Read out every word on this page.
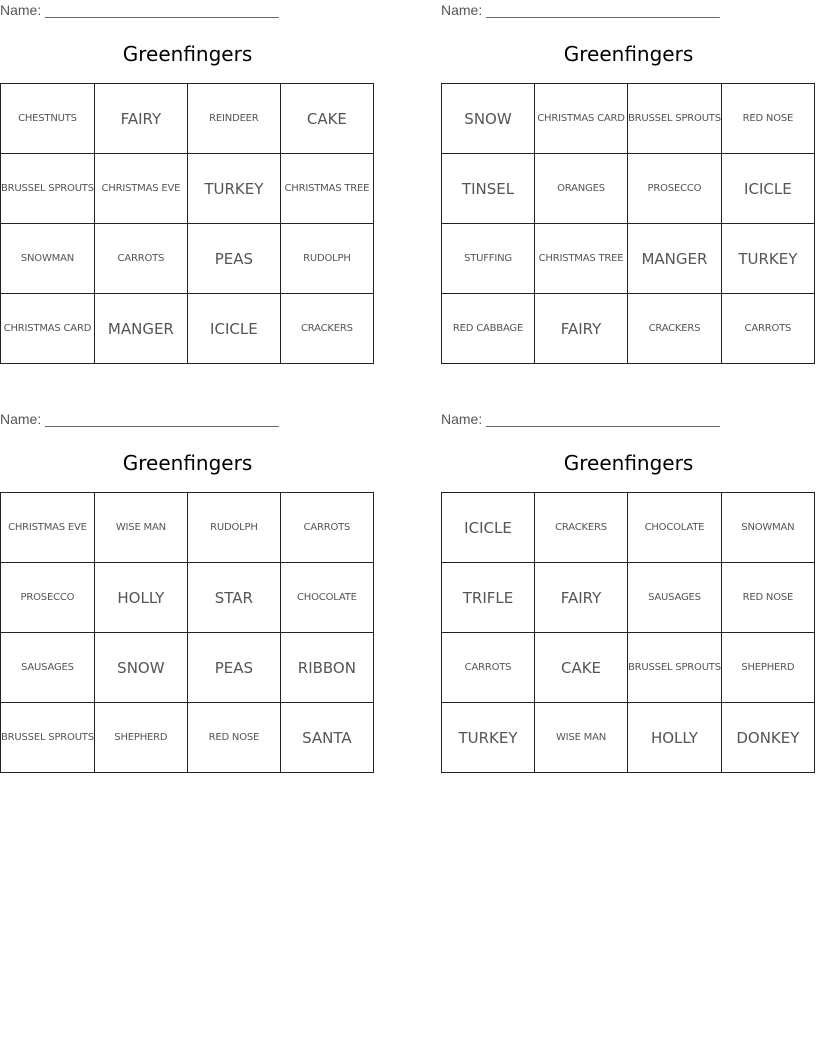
Name: ______________________________
Greenfingers
CHESTNUTS	FAIRY	REINDEER	CAKE
BRUSSEL SPROUTS	CHRISTMAS EVE	TURKEY	CHRISTMAS TREE
SNOWMAN	CARROTS	PEAS	RUDOLPH
CHRISTMAS CARD	MANGER	ICICLE	CRACKERS
Name: ______________________________
Greenfingers
SNOW	CHRISTMAS CARD	BRUSSEL SPROUTS	RED NOSE
TINSEL	ORANGES	PROSECCO	ICICLE
STUFFING	CHRISTMAS TREE	MANGER	TURKEY
RED CABBAGE	FAIRY	CRACKERS	CARROTS
Name: ______________________________
Greenfingers
CHRISTMAS EVE	WISE MAN	RUDOLPH	CARROTS
PROSECCO	HOLLY	STAR	CHOCOLATE
SAUSAGES	SNOW	PEAS	RIBBON
BRUSSEL SPROUTS	SHEPHERD	RED NOSE	SANTA
Name: ______________________________
Greenfingers
ICICLE	CRACKERS	CHOCOLATE	SNOWMAN
TRIFLE	FAIRY	SAUSAGES	RED NOSE
CARROTS	CAKE	BRUSSEL SPROUTS	SHEPHERD
TURKEY	WISE MAN	HOLLY	DONKEY
